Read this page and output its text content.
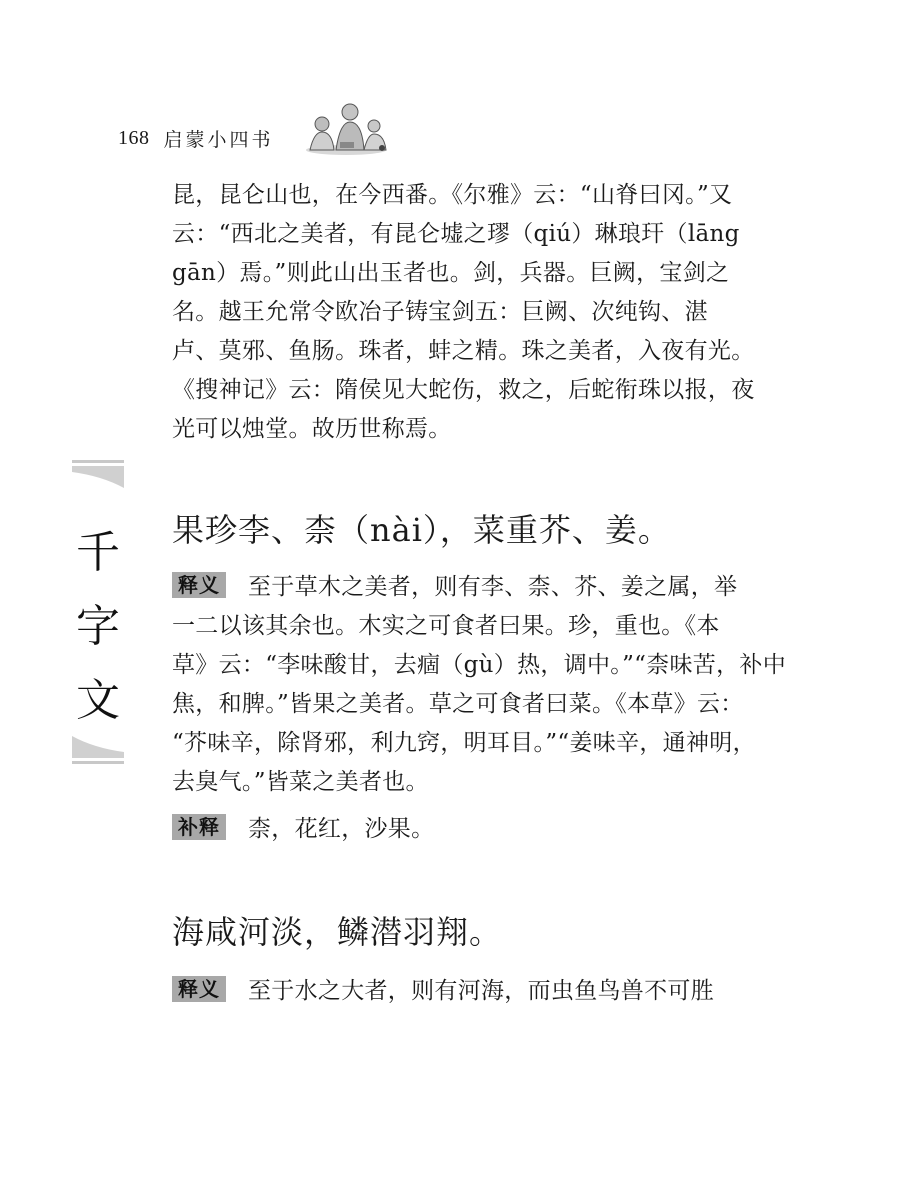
168 启蒙小四书
千
字
文

昆，昆仑山也，在今西番。《尔雅》云：“山脊曰冈。”又
云：“西北之美者，有昆仑墟之璆（qiú）琳琅玕（lāng
gān）焉。”则此山出玉者也。剑，兵器。巨阙，宝剑之
名。越王允常令欧冶子铸宝剑五：巨阙、次纯钩、湛
卢、莫邪、鱼肠。珠者，蚌之精。珠之美者，入夜有光。
《搜神记》云：隋侯见大蛇伤，救之，后蛇衔珠以报，夜
光可以烛堂。故历世称焉。

果珍李、柰（nài），菜重芥、姜。

释义 至于草木之美者，则有李、柰、芥、姜之属，举
一二以该其余也。木实之可食者曰果。珍，重也。《本
草》云：“李味酸甘，去痼（gù）热，调中。”“柰味苦，补中
焦，和脾。”皆果之美者。草之可食者曰菜。《本草》云：
“芥味辛，除肾邪，利九窍，明耳目。”“姜味辛，通神明，
去臭气。”皆菜之美者也。

补释 柰，花红，沙果。

海咸河淡，鳞潜羽翔。

释义 至于水之大者，则有河海，而虫鱼鸟兽不可胜
